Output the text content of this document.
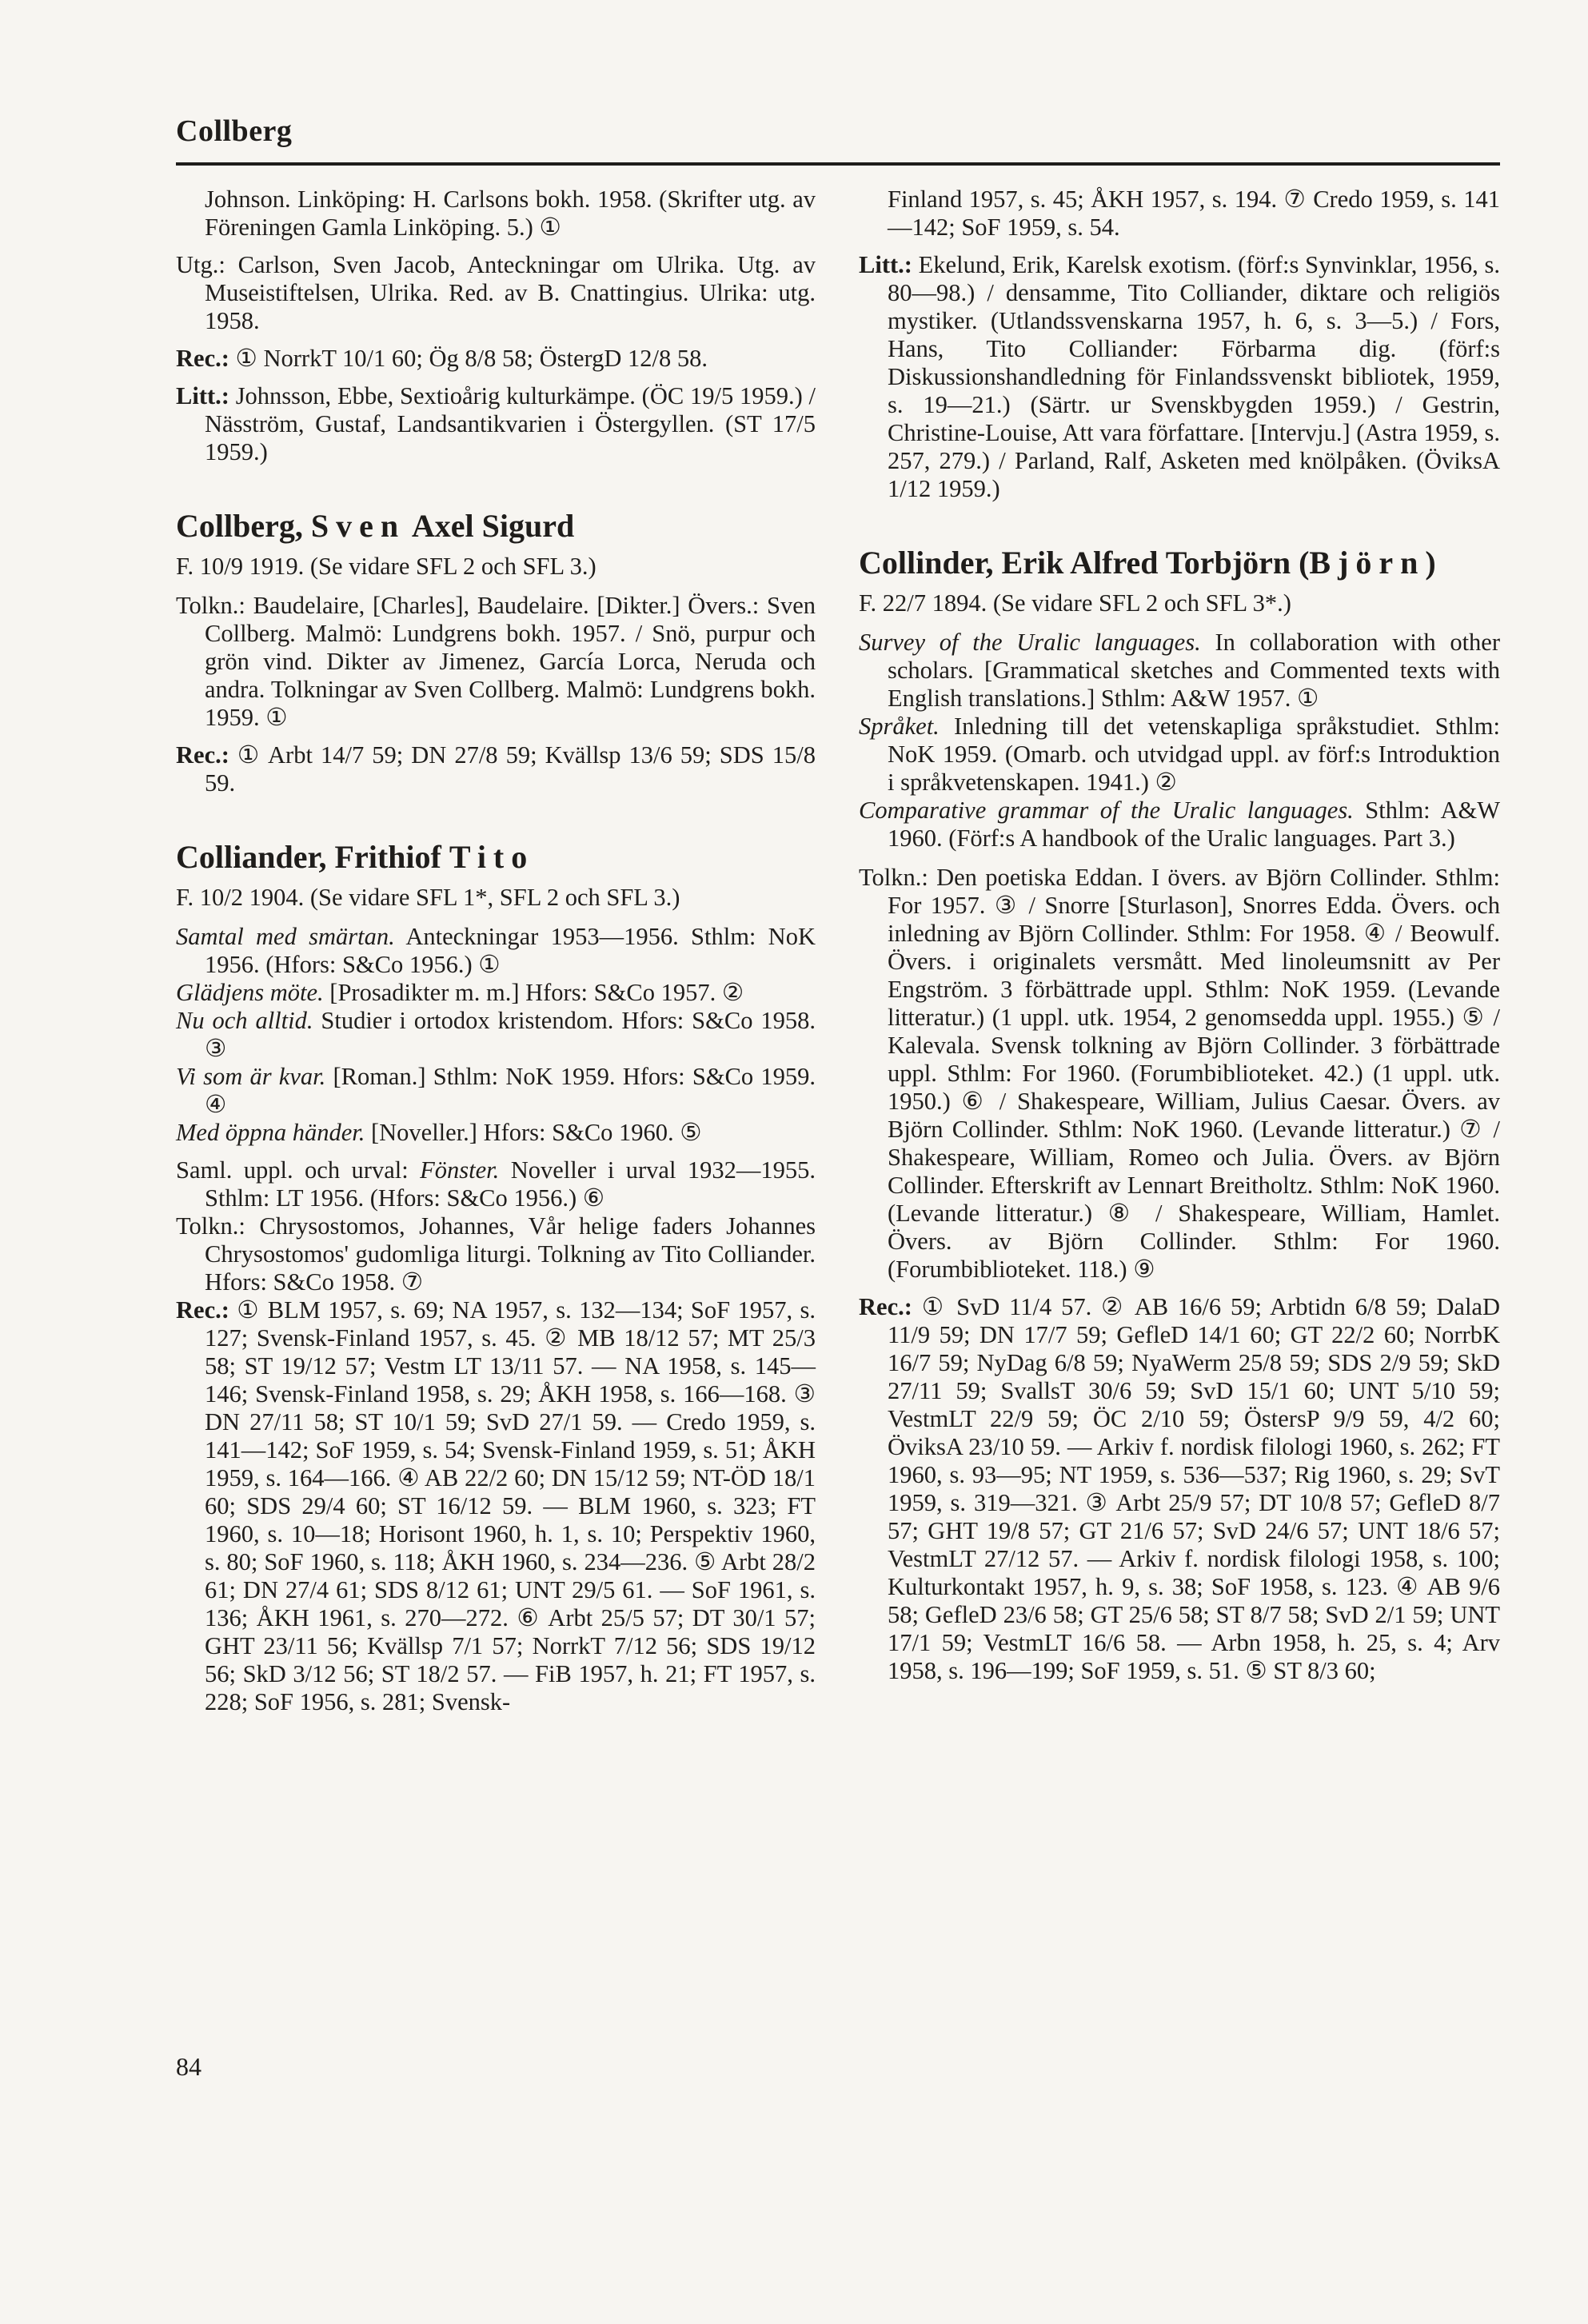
Collberg

Johnson. Linköping: H. Carlsons bokh. 1958. (Skrifter utg. av Föreningen Gamla Linköping. 5.) ①

Utg.: Carlson, Sven Jacob, Anteckningar om Ulrika. Utg. av Museistiftelsen, Ulrika. Red. av B. Cnattingius. Ulrika: utg. 1958.

Rec.: ① NorrkT 10/1 60; Ög 8/8 58; ÖstergD 12/8 58.

Litt.: Johnsson, Ebbe, Sextioårig kulturkämpe. (ÖC 19/5 1959.) / Näsström, Gustaf, Landsantikvarien i Östergyllen. (ST 17/5 1959.)

Collberg, Sven Axel Sigurd

F. 10/9 1919. (Se vidare SFL 2 och SFL 3.)

Tolkn.: Baudelaire, [Charles], Baudelaire. [Dikter.] Övers.: Sven Collberg. Malmö: Lundgrens bokh. 1957. / Snö, purpur och grön vind. Dikter av Jimenez, García Lorca, Neruda och andra. Tolkningar av Sven Collberg. Malmö: Lundgrens bokh. 1959. ①

Rec.: ① Arbt 14/7 59; DN 27/8 59; Kvällsp 13/6 59; SDS 15/8 59.

Colliander, Frithiof Tito

F. 10/2 1904. (Se vidare SFL 1*, SFL 2 och SFL 3.)

Samtal med smärtan. Anteckningar 1953—1956. Sthlm: NoK 1956. (Hfors: S&Co 1956.) ①

Glädjens möte. [Prosadikter m. m.] Hfors: S&Co 1957. ②

Nu och alltid. Studier i ortodox kristendom. Hfors: S&Co 1958. ③

Vi som är kvar. [Roman.] Sthlm: NoK 1959. Hfors: S&Co 1959. ④

Med öppna händer. [Noveller.] Hfors: S&Co 1960. ⑤

Saml. uppl. och urval: Fönster. Noveller i urval 1932—1955. Sthlm: LT 1956. (Hfors: S&Co 1956.) ⑥

Tolkn.: Chrysostomos, Johannes, Vår helige faders Johannes Chrysostomos' gudomliga liturgi. Tolkning av Tito Colliander. Hfors: S&Co 1958. ⑦

Rec.: ① BLM 1957, s. 69; NA 1957, s. 132—134; SoF 1957, s. 127; Svensk-Finland 1957, s. 45. ② MB 18/12 57; MT 25/3 58; ST 19/12 57; Vestm LT 13/11 57. — NA 1958, s. 145—146; Svensk-Finland 1958, s. 29; ÅKH 1958, s. 166—168. ③ DN 27/11 58; ST 10/1 59; SvD 27/1 59. — Credo 1959, s. 141—142; SoF 1959, s. 54; Svensk-Finland 1959, s. 51; ÅKH 1959, s. 164—166. ④ AB 22/2 60; DN 15/12 59; NT-ÖD 18/1 60; SDS 29/4 60; ST 16/12 59. — BLM 1960, s. 323; FT 1960, s. 10—18; Horisont 1960, h. 1, s. 10; Perspektiv 1960, s. 80; SoF 1960, s. 118; ÅKH 1960, s. 234—236. ⑤ Arbt 28/2 61; DN 27/4 61; SDS 8/12 61; UNT 29/5 61. — SoF 1961, s. 136; ÅKH 1961, s. 270—272. ⑥ Arbt 25/5 57; DT 30/1 57; GHT 23/11 56; Kvällsp 7/1 57; NorrkT 7/12 56; SDS 19/12 56; SkD 3/12 56; ST 18/2 57. — FiB 1957, h. 21; FT 1957, s. 228; SoF 1956, s. 281; Svensk-

Finland 1957, s. 45; ÅKH 1957, s. 194. ⑦ Credo 1959, s. 141—142; SoF 1959, s. 54.

Litt.: Ekelund, Erik, Karelsk exotism. (förf:s Synvinklar, 1956, s. 80—98.) / densamme, Tito Colliander, diktare och religiös mystiker. (Utlandssvenskarna 1957, h. 6, s. 3—5.) / Fors, Hans, Tito Colliander: Förbarma dig. (förf:s Diskussionshandledning för Finlandssvenskt bibliotek, 1959, s. 19—21.) (Särtr. ur Svenskbygden 1959.) / Gestrin, Christine-Louise, Att vara författare. [Intervju.] (Astra 1959, s. 257, 279.) / Parland, Ralf, Asketen med knölpåken. (ÖviksA 1/12 1959.)

Collinder, Erik Alfred Torbjörn (Björn)

F. 22/7 1894. (Se vidare SFL 2 och SFL 3*.)

Survey of the Uralic languages. In collaboration with other scholars. [Grammatical sketches and Commented texts with English translations.] Sthlm: A&W 1957. ①

Språket. Inledning till det vetenskapliga språkstudiet. Sthlm: NoK 1959. (Omarb. och utvidgad uppl. av förf:s Introduktion i språkvetenskapen. 1941.) ②

Comparative grammar of the Uralic languages. Sthlm: A&W 1960. (Förf:s A handbook of the Uralic languages. Part 3.)

Tolkn.: Den poetiska Eddan. I övers. av Björn Collinder. Sthlm: For 1957. ③ / Snorre [Sturlason], Snorres Edda. Övers. och inledning av Björn Collinder. Sthlm: For 1958. ④ / Beowulf. Övers. i originalets versmått. Med linoleumsnitt av Per Engström. 3 förbättrade uppl. Sthlm: NoK 1959. (Levande litteratur.) (1 uppl. utk. 1954, 2 genomsedda uppl. 1955.) ⑤ / Kalevala. Svensk tolkning av Björn Collinder. 3 förbättrade uppl. Sthlm: For 1960. (Forumbiblioteket. 42.) (1 uppl. utk. 1950.) ⑥ / Shakespeare, William, Julius Caesar. Övers. av Björn Collinder. Sthlm: NoK 1960. (Levande litteratur.) ⑦ / Shakespeare, William, Romeo och Julia. Övers. av Björn Collinder. Efterskrift av Lennart Breitholtz. Sthlm: NoK 1960. (Levande litteratur.) ⑧ / Shakespeare, William, Hamlet. Övers. av Björn Collinder. Sthlm: For 1960. (Forumbiblioteket. 118.) ⑨

Rec.: ① SvD 11/4 57. ② AB 16/6 59; Arbtidn 6/8 59; DalaD 11/9 59; DN 17/7 59; GefleD 14/1 60; GT 22/2 60; NorrbK 16/7 59; NyDag 6/8 59; NyaWerm 25/8 59; SDS 2/9 59; SkD 27/11 59; SvallsT 30/6 59; SvD 15/1 60; UNT 5/10 59; VestmLT 22/9 59; ÖC 2/10 59; ÖstersP 9/9 59, 4/2 60; ÖviksA 23/10 59. — Arkiv f. nordisk filologi 1960, s. 262; FT 1960, s. 93—95; NT 1959, s. 536—537; Rig 1960, s. 29; SvT 1959, s. 319—321. ③ Arbt 25/9 57; DT 10/8 57; GefleD 8/7 57; GHT 19/8 57; GT 21/6 57; SvD 24/6 57; UNT 18/6 57; VestmLT 27/12 57. — Arkiv f. nordisk filologi 1958, s. 100; Kulturkontakt 1957, h. 9, s. 38; SoF 1958, s. 123. ④ AB 9/6 58; GefleD 23/6 58; GT 25/6 58; ST 8/7 58; SvD 2/1 59; UNT 17/1 59; VestmLT 16/6 58. — Arbn 1958, h. 25, s. 4; Arv 1958, s. 196—199; SoF 1959, s. 51. ⑤ ST 8/3 60;

84
